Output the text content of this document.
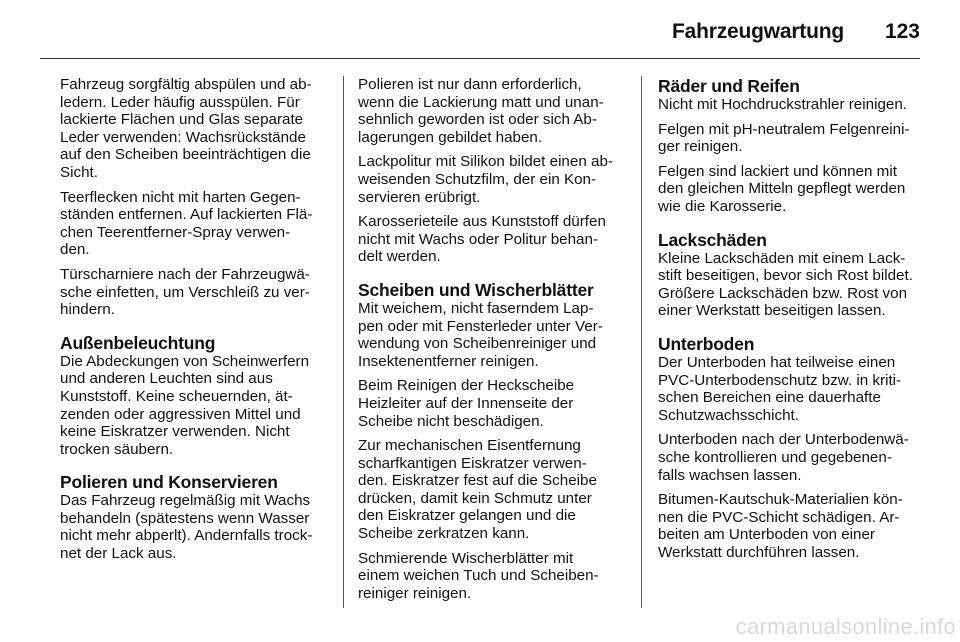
Fahrzeugwartung 123

Fahrzeug sorgfältig abspülen und ab-
ledern. Leder häufig ausspülen. Für
lackierte Flächen und Glas separate
Leder verwenden: Wachsrückstände
auf den Scheiben beeinträchtigen die
Sicht.

Teerflecken nicht mit harten Gegen-
ständen entfernen. Auf lackierten Flä-
chen Teerentferner-Spray verwen-
den.

Türscharniere nach der Fahrzeugwä-
sche einfetten, um Verschleiß zu ver-
hindern.

Außenbeleuchtung

Die Abdeckungen von Scheinwerfern
und anderen Leuchten sind aus
Kunststoff. Keine scheuernden, ät-
zenden oder aggressiven Mittel und
keine Eiskratzer verwenden. Nicht
trocken säubern.

Polieren und Konservieren

Das Fahrzeug regelmäßig mit Wachs
behandeln (spätestens wenn Wasser
nicht mehr abperlt). Andernfalls trock-
net der Lack aus.

Polieren ist nur dann erforderlich,
wenn die Lackierung matt und unan-
sehnlich geworden ist oder sich Ab-
lagerungen gebildet haben.

Lackpolitur mit Silikon bildet einen ab-
weisenden Schutzfilm, der ein Kon-
servieren erübrigt.

Karosserieteile aus Kunststoff dürfen
nicht mit Wachs oder Politur behan-
delt werden.

Scheiben und Wischerblätter

Mit weichem, nicht faserndem Lap-
pen oder mit Fensterleder unter Ver-
wendung von Scheibenreiniger und
Insektenentferner reinigen.

Beim Reinigen der Heckscheibe
Heizleiter auf der Innenseite der
Scheibe nicht beschädigen.

Zur mechanischen Eisentfernung
scharfkantigen Eiskratzer verwen-
den. Eiskratzer fest auf die Scheibe
drücken, damit kein Schmutz unter
den Eiskratzer gelangen und die
Scheibe zerkratzen kann.

Schmierende Wischerblätter mit
einem weichen Tuch und Scheiben-
reiniger reinigen.

Räder und Reifen

Nicht mit Hochdruckstrahler reinigen.

Felgen mit pH-neutralem Felgenreini-
ger reinigen.

Felgen sind lackiert und können mit
den gleichen Mitteln gepflegt werden
wie die Karosserie.

Lackschäden

Kleine Lackschäden mit einem Lack-
stift beseitigen, bevor sich Rost bildet.
Größere Lackschäden bzw. Rost von
einer Werkstatt beseitigen lassen.

Unterboden

Der Unterboden hat teilweise einen
PVC-Unterbodenschutz bzw. in kriti-
schen Bereichen eine dauerhafte
Schutzwachsschicht.

Unterboden nach der Unterbodenwä-
sche kontrollieren und gegebenen-
falls wachsen lassen.

Bitumen-Kautschuk-Materialien kön-
nen die PVC-Schicht schädigen. Ar-
beiten am Unterboden von einer
Werkstatt durchführen lassen.

carmanualsonline.info
